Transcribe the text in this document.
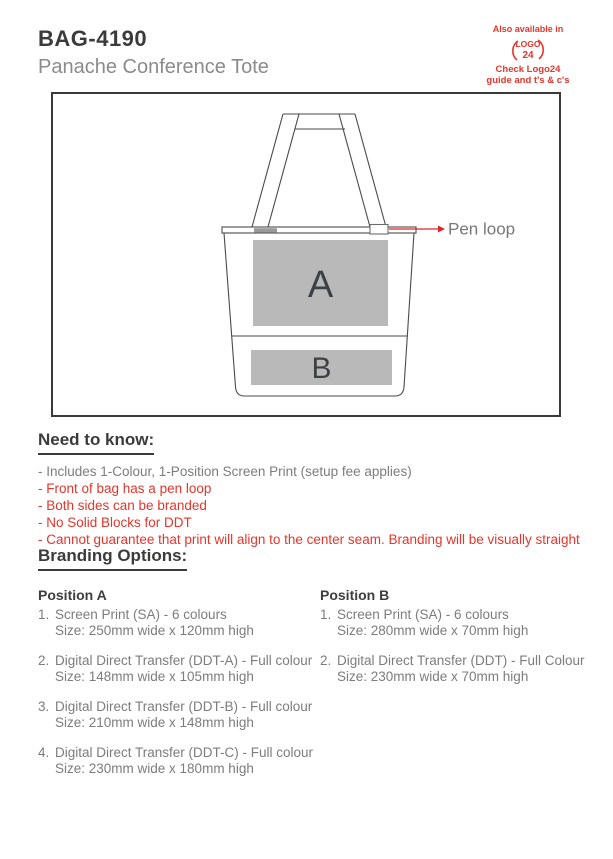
BAG-4190
Panache Conference Tote
Also available in
LOGO
24
Check Logo24
guide and t's & c's
A
B
Pen loop
Need to know:
- Includes 1-Colour, 1-Position Screen Print (setup fee applies)
- Front of bag has a pen loop
- Both sides can be branded
- No Solid Blocks for DDT
- Cannot guarantee that print will align to the center seam. Branding will be visually straight
Branding Options:
Position A
1. Screen Print (SA) - 6 colours
Size: 250mm wide x 120mm high
2. Digital Direct Transfer (DDT-A) - Full colour
Size: 148mm wide x 105mm high
3. Digital Direct Transfer (DDT-B) - Full colour
Size: 210mm wide x 148mm high
4. Digital Direct Transfer (DDT-C) - Full colour
Size: 230mm wide x 180mm high
Position B
1. Screen Print (SA) - 6 colours
Size: 280mm wide x 70mm high
2. Digital Direct Transfer (DDT) - Full Colour
Size: 230mm wide x 70mm high
